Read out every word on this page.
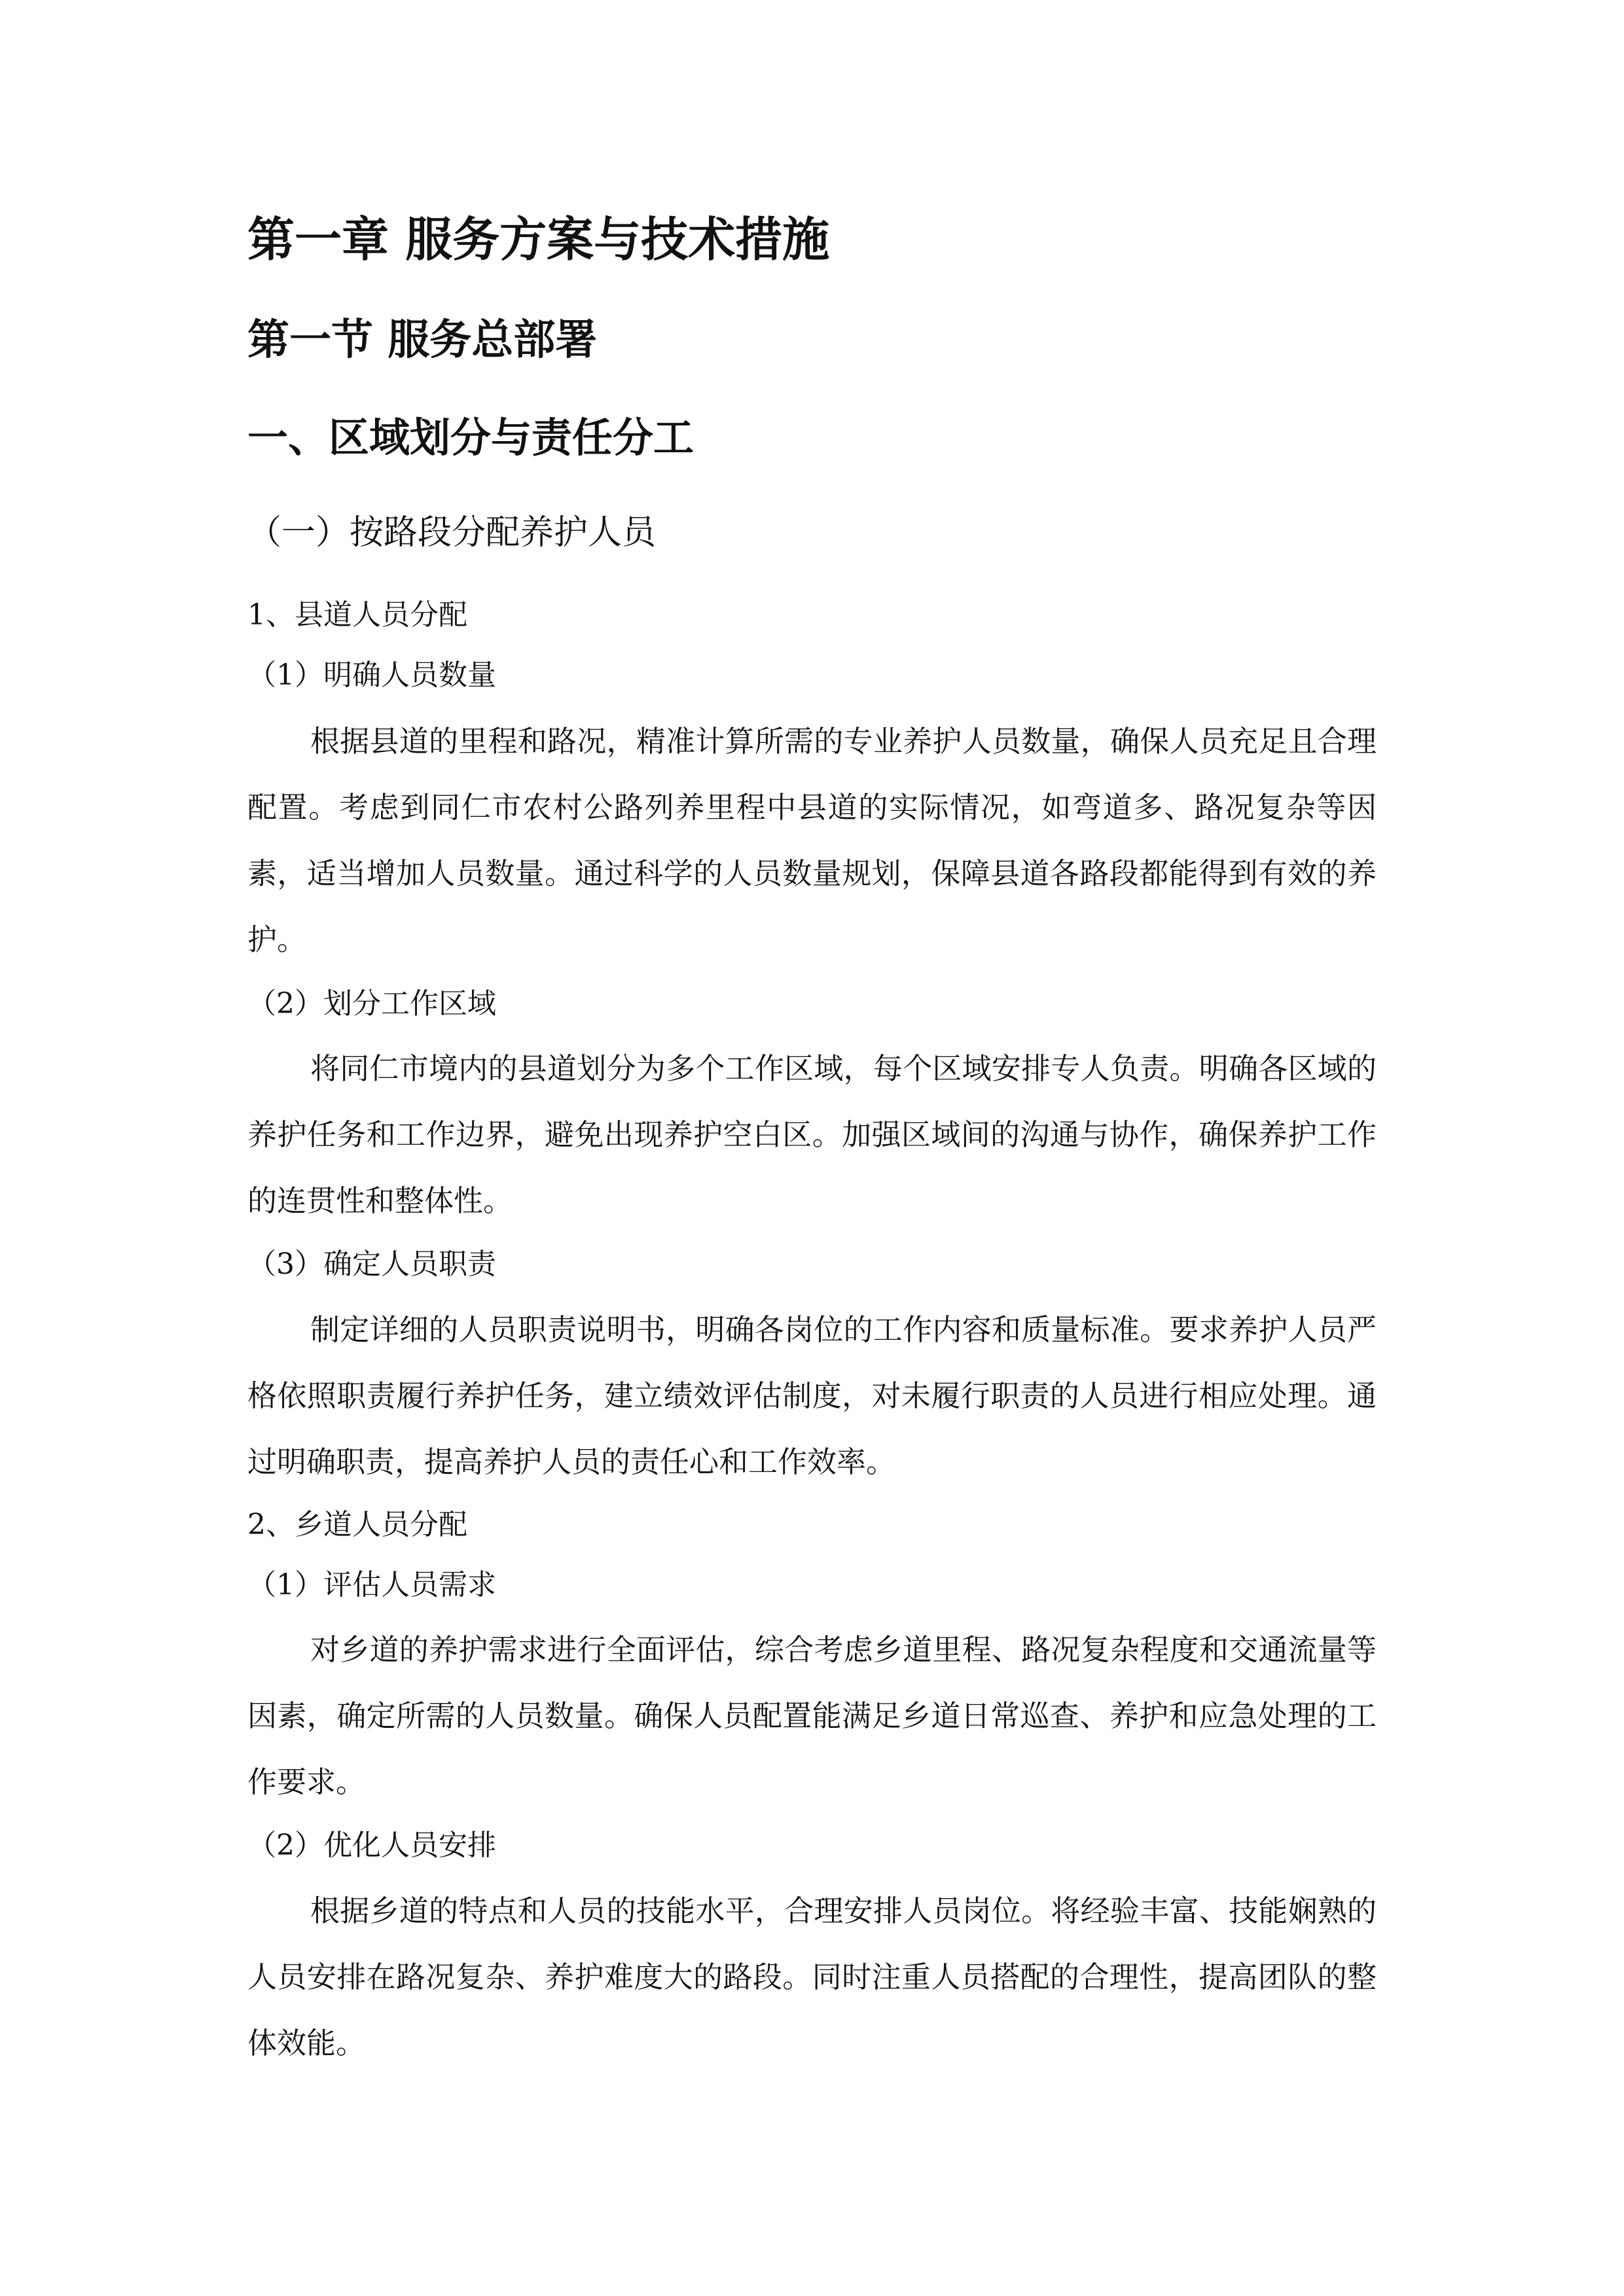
第一章 服务方案与技术措施
第一节 服务总部署
一、区域划分与责任分工
（一）按路段分配养护人员
1、县道人员分配
（1）明确人员数量

根据县道的里程和路况，精准计算所需的专业养护人员数量，确保人员充足且合理配置。考虑到同仁市农村公路列养里程中县道的实际情况，如弯道多、路况复杂等因素，适当增加人员数量。通过科学的人员数量规划，保障县道各路段都能得到有效的养护。

（2）划分工作区域

将同仁市境内的县道划分为多个工作区域，每个区域安排专人负责。明确各区域的养护任务和工作边界，避免出现养护空白区。加强区域间的沟通与协作，确保养护工作的连贯性和整体性。

（3）确定人员职责

制定详细的人员职责说明书，明确各岗位的工作内容和质量标准。要求养护人员严格依照职责履行养护任务，建立绩效评估制度，对未履行职责的人员进行相应处理。通过明确职责，提高养护人员的责任心和工作效率。

2、乡道人员分配
（1）评估人员需求

对乡道的养护需求进行全面评估，综合考虑乡道里程、路况复杂程度和交通流量等因素，确定所需的人员数量。确保人员配置能满足乡道日常巡查、养护和应急处理的工作要求。

（2）优化人员安排

根据乡道的特点和人员的技能水平，合理安排人员岗位。将经验丰富、技能娴熟的人员安排在路况复杂、养护难度大的路段。同时注重人员搭配的合理性，提高团队的整体效能。
